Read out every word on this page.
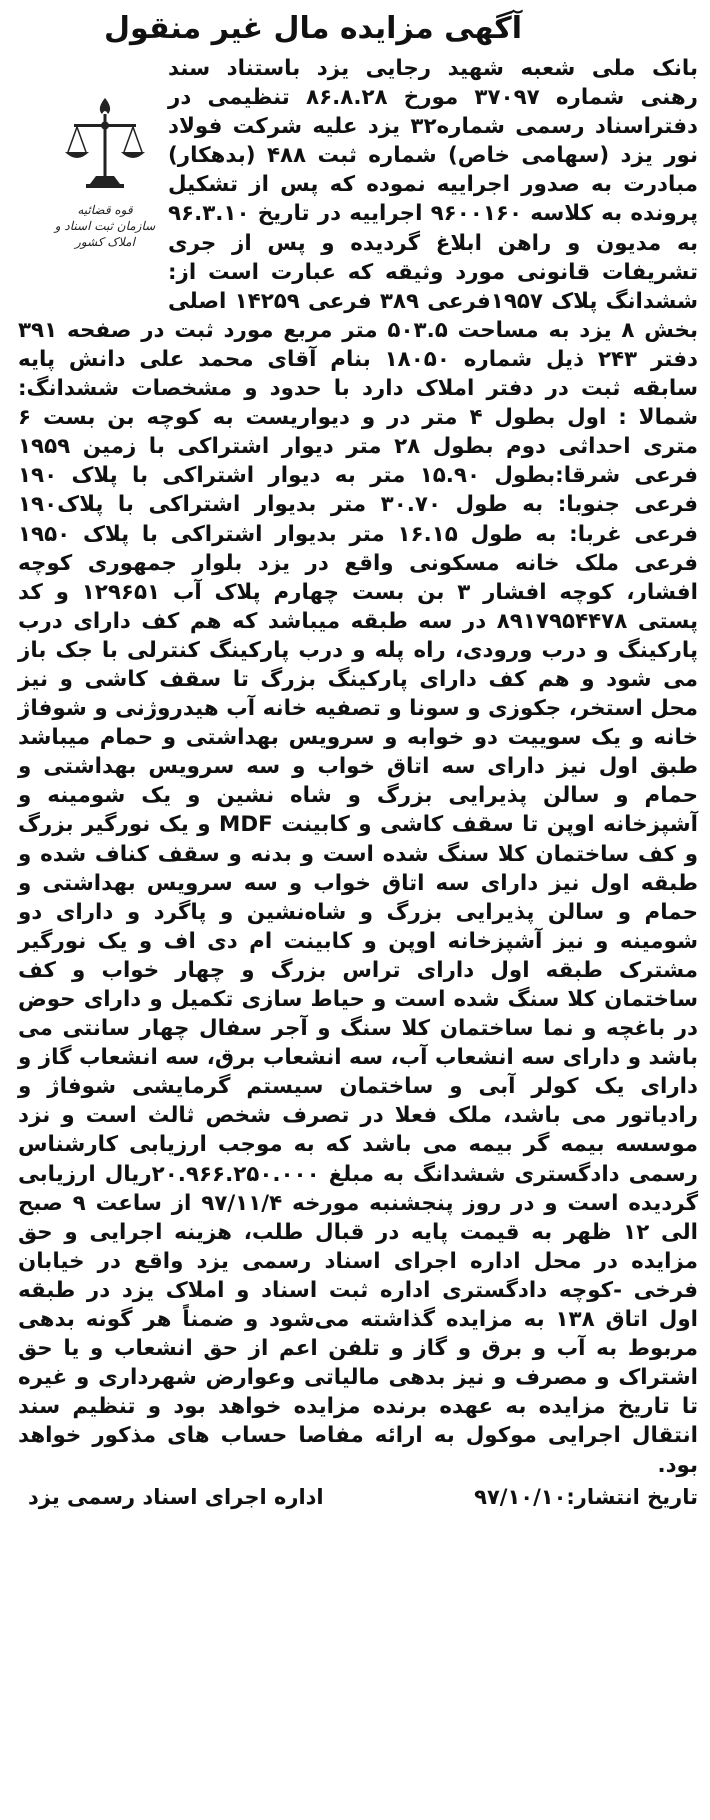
آگهی مزایده مال غیر منقول
قوه قضائیه
سازمان ثبت اسناد و املاک کشور

بانک ملی شعبه شهید رجایی یزد باستناد سند رهنی شماره ۳۷۰۹۷ مورخ ۸۶.۸.۲۸ تنظیمی در دفتراسناد رسمی شماره۳۲ یزد علیه شرکت فولاد نور یزد (سهامی خاص) شماره ثبت ۴۸۸ (بدهکار) مبادرت به صدور اجراییه نموده که پس از تشکیل پرونده به کلاسه ۹۶۰۰۱۶۰ اجراییه در تاریخ ۹۶.۳.۱۰ به مدیون و راهن ابلاغ گردیده و پس از جری تشریفات قانونی مورد وثیقه که عبارت است از: ششدانگ پلاک ۱۹۵۷فرعی ۳۸۹ فرعی ۱۴۲۵۹ اصلی بخش ۸ یزد به مساحت ۵۰۳.۵ متر مربع مورد ثبت در صفحه ۳۹۱ دفتر ۲۴۳ ذیل شماره ۱۸۰۵۰ بنام آقای محمد علی دانش پایه سابقه ثبت در دفتر املاک دارد با حدود و مشخصات ششدانگ: شمالا : اول بطول ۴ متر در و دیواریست به کوچه بن بست ۶ متری احداثی دوم بطول ۲۸ متر دیوار اشتراکی با زمین ۱۹۵۹ فرعی شرقا:بطول ۱۵.۹۰ متر به دیوار اشتراکی با پلاک ۱۹۰ فرعی جنوبا: به طول ۳۰.۷۰ متر بدیوار اشتراکی با پلاک۱۹۰ فرعی غربا: به طول ۱۶.۱۵ متر بدیوار اشتراکی با پلاک ۱۹۵۰ فرعی ملک خانه مسکونی واقع در یزد بلوار جمهوری کوچه افشار، کوچه افشار ۳ بن بست چهارم پلاک آب ۱۲۹۶۵۱ و کد پستی ۸۹۱۷۹۵۴۴۷۸ در سه طبقه میباشد که هم کف دارای درب پارکینگ و درب ورودی، راه پله و درب پارکینگ کنترلی با جک باز می شود و هم کف دارای پارکینگ بزرگ تا سقف کاشی و نیز محل استخر، جکوزی و سونا و تصفیه خانه آب هیدروژنی و شوفاژ خانه و یک سوییت دو خوابه و سرویس بهداشتی و حمام میباشد طبق اول نیز دارای سه اتاق خواب و سه سرویس بهداشتی و حمام و سالن پذیرایی بزرگ و شاه نشین و یک شومینه و آشپزخانه اوپن تا سقف کاشی و کابینت MDF و یک نورگیر بزرگ و کف ساختمان کلا سنگ شده است و بدنه و سقف کناف شده و طبقه اول نیز دارای سه اتاق خواب و سه سرویس بهداشتی و حمام و سالن پذیرایی بزرگ و شاه‌نشین و پاگرد و دارای دو شومینه و نیز آشپزخانه اوپن و کابینت ام دی اف و یک نورگیر مشترک طبقه اول دارای تراس بزرگ و چهار خواب و کف ساختمان کلا سنگ شده است و حیاط سازی تکمیل و دارای حوض در باغچه و نما ساختمان کلا سنگ و آجر سفال چهار سانتی می باشد و دارای سه انشعاب آب، سه انشعاب برق، سه انشعاب گاز و دارای یک کولر آبی و ساختمان سیستم گرمایشی شوفاژ و رادیاتور می باشد، ملک فعلا در تصرف شخص ثالث است و نزد موسسه بیمه گر بیمه می باشد که به موجب ارزیابی کارشناس رسمی دادگستری ششدانگ به مبلغ ۲۰.۹۶۶.۲۵۰.۰۰۰ریال ارزیابی گردیده است و در روز پنجشنبه مورخه ۹۷/۱۱/۴ از ساعت ۹ صبح الی ۱۲ ظهر به قیمت پایه در قبال طلب، هزینه اجرایی و حق مزایده در محل اداره اجرای اسناد رسمی یزد واقع در خیابان فرخی -کوچه دادگستری اداره ثبت اسناد و املاک یزد در طبقه اول اتاق ۱۳۸ به مزایده گذاشته می‌شود و ضمناً هر گونه بدهی مربوط به آب و برق و گاز و تلفن اعم از حق انشعاب و یا حق اشتراک و مصرف و نیز بدهی مالیاتی وعوارض شهرداری و غیره تا تاریخ مزایده به عهده برنده مزایده خواهد بود و تنظیم سند انتقال اجرایی موکول به ارائه مفاصا حساب های مذکور خواهد بود.

تاریخ انتشار:۹۷/۱۰/۱۰
اداره اجرای اسناد رسمی یزد
